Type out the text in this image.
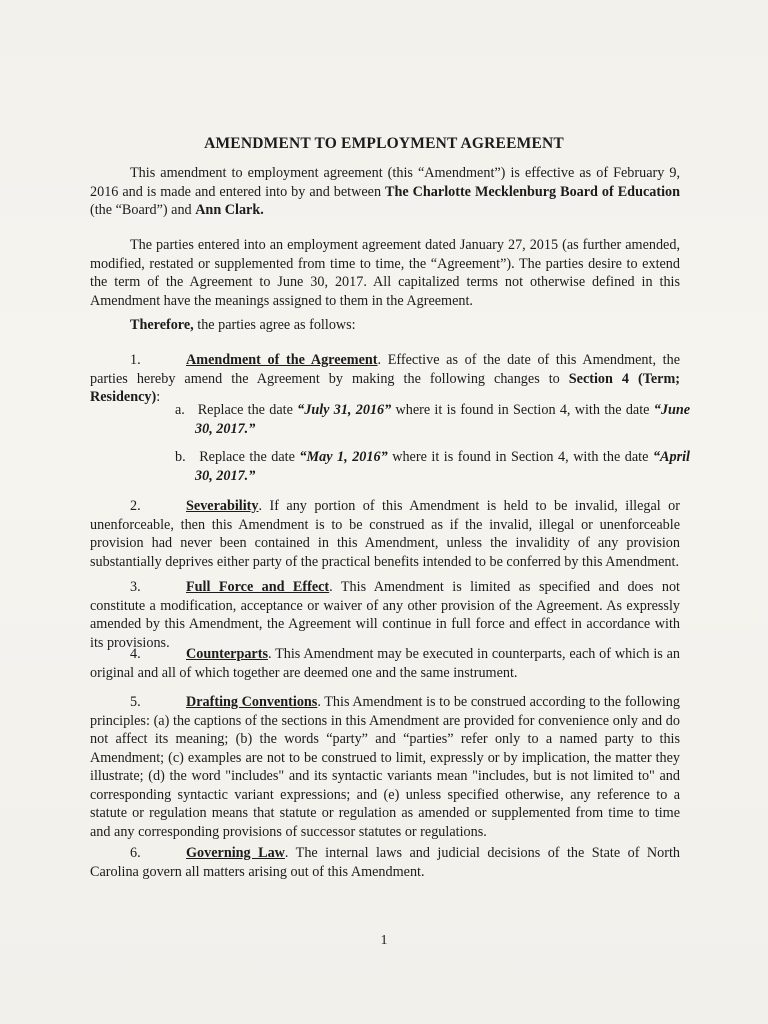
AMENDMENT TO EMPLOYMENT AGREEMENT
This amendment to employment agreement (this “Amendment”) is effective as of February 9, 2016 and is made and entered into by and between The Charlotte Mecklenburg Board of Education (the “Board”) and Ann Clark.
The parties entered into an employment agreement dated January 27, 2015 (as further amended, modified, restated or supplemented from time to time, the “Agreement”). The parties desire to extend the term of the Agreement to June 30, 2017. All capitalized terms not otherwise defined in this Amendment have the meanings assigned to them in the Agreement.
Therefore, the parties agree as follows:
1.	Amendment of the Agreement. Effective as of the date of this Amendment, the parties hereby amend the Agreement by making the following changes to Section 4 (Term; Residency):
a. Replace the date “July 31, 2016” where it is found in Section 4, with the date “June 30, 2017.”
b. Replace the date “May 1, 2016” where it is found in Section 4, with the date “April 30, 2017.”
2.	Severability. If any portion of this Amendment is held to be invalid, illegal or unenforceable, then this Amendment is to be construed as if the invalid, illegal or unenforceable provision had never been contained in this Amendment, unless the invalidity of any provision substantially deprives either party of the practical benefits intended to be conferred by this Amendment.
3.	Full Force and Effect. This Amendment is limited as specified and does not constitute a modification, acceptance or waiver of any other provision of the Agreement. As expressly amended by this Amendment, the Agreement will continue in full force and effect in accordance with its provisions.
4.	Counterparts. This Amendment may be executed in counterparts, each of which is an original and all of which together are deemed one and the same instrument.
5.	Drafting Conventions. This Amendment is to be construed according to the following principles: (a) the captions of the sections in this Amendment are provided for convenience only and do not affect its meaning; (b) the words “party” and “parties” refer only to a named party to this Amendment; (c) examples are not to be construed to limit, expressly or by implication, the matter they illustrate; (d) the word "includes" and its syntactic variants mean "includes, but is not limited to" and corresponding syntactic variant expressions; and (e) unless specified otherwise, any reference to a statute or regulation means that statute or regulation as amended or supplemented from time to time and any corresponding provisions of successor statutes or regulations.
6.	Governing Law. The internal laws and judicial decisions of the State of North Carolina govern all matters arising out of this Amendment.
1
